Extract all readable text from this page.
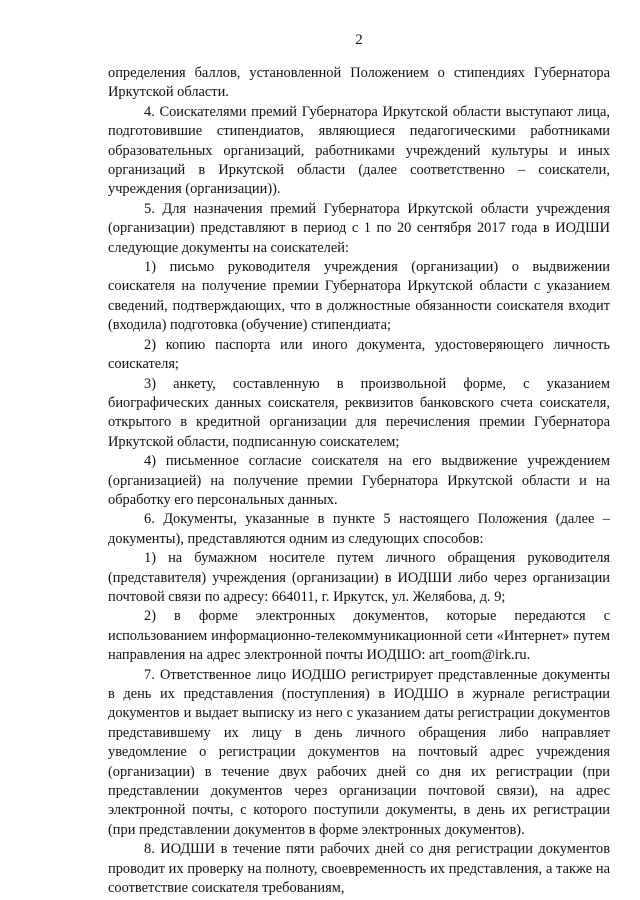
2

определения баллов, установленной Положением о стипендиях Губернатора Иркутской области.

4. Соискателями премий Губернатора Иркутской области выступают лица, подготовившие стипендиатов, являющиеся педагогическими работниками образовательных организаций, работниками учреждений культуры и иных организаций в Иркутской области (далее соответственно – соискатели, учреждения (организации)).

5. Для назначения премий Губернатора Иркутской области учреждения (организации) представляют в период с 1 по 20 сентября 2017 года в ИОДШИ следующие документы на соискателей:

1) письмо руководителя учреждения (организации) о выдвижении соискателя на получение премии Губернатора Иркутской области с указанием сведений, подтверждающих, что в должностные обязанности соискателя входит (входила) подготовка (обучение) стипендиата;

2) копию паспорта или иного документа, удостоверяющего личность соискателя;

3) анкету, составленную в произвольной форме, с указанием биографических данных соискателя, реквизитов банковского счета соискателя, открытого в кредитной организации для перечисления премии Губернатора Иркутской области, подписанную соискателем;

4) письменное согласие соискателя на его выдвижение учреждением (организацией) на получение премии Губернатора Иркутской области и на обработку его персональных данных.

6. Документы, указанные в пункте 5 настоящего Положения (далее – документы), представляются одним из следующих способов:

1) на бумажном носителе путем личного обращения руководителя (представителя) учреждения (организации) в ИОДШИ либо через организации почтовой связи по адресу: 664011, г. Иркутск, ул. Желябова, д. 9;

2) в форме электронных документов, которые передаются с использованием информационно-телекоммуникационной сети «Интернет» путем направления на адрес электронной почты ИОДШО: art_room@irk.ru.

7. Ответственное лицо ИОДШО регистрирует представленные документы в день их представления (поступления) в ИОДШО в журнале регистрации документов и выдает выписку из него с указанием даты регистрации документов представившему их лицу в день личного обращения либо направляет уведомление о регистрации документов на почтовый адрес учреждения (организации) в течение двух рабочих дней со дня их регистрации (при представлении документов через организации почтовой связи), на адрес электронной почты, с которого поступили документы, в день их регистрации (при представлении документов в форме электронных документов).

8. ИОДШИ в течение пяти рабочих дней со дня регистрации документов проводит их проверку на полноту, своевременность их представления, а также на соответствие соискателя требованиям,
